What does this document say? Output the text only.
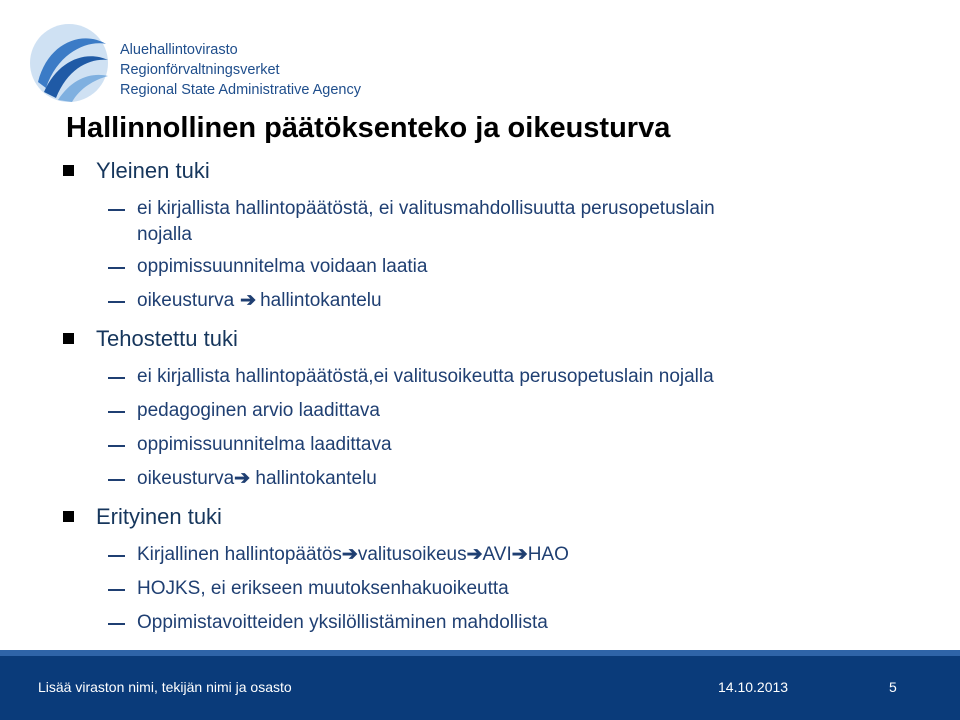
Aluehallintovirasto
Regionförvaltningsverket
Regional State Administrative Agency
Hallinnollinen päätöksenteko ja oikeusturva
Yleinen tuki
ei kirjallista hallintopäätöstä, ei valitusmahdollisuutta perusopetuslain
nojalla
oppimissuunnitelma voidaan laatia
oikeusturva ➔ hallintokantelu
Tehostettu tuki
ei kirjallista hallintopäätöstä,ei valitusoikeutta perusopetuslain nojalla
pedagoginen arvio laadittava
oppimissuunnitelma laadittava
oikeusturva➔ hallintokantelu
Erityinen tuki
Kirjallinen hallintopäätös➔valitusoikeus➔AVI➔HAO
HOJKS, ei erikseen muutoksenhakuoikeutta
Oppimistavoitteiden yksilöllistäminen mahdollista
Lisää viraston nimi, tekijän nimi ja osasto	14.10.2013	5
